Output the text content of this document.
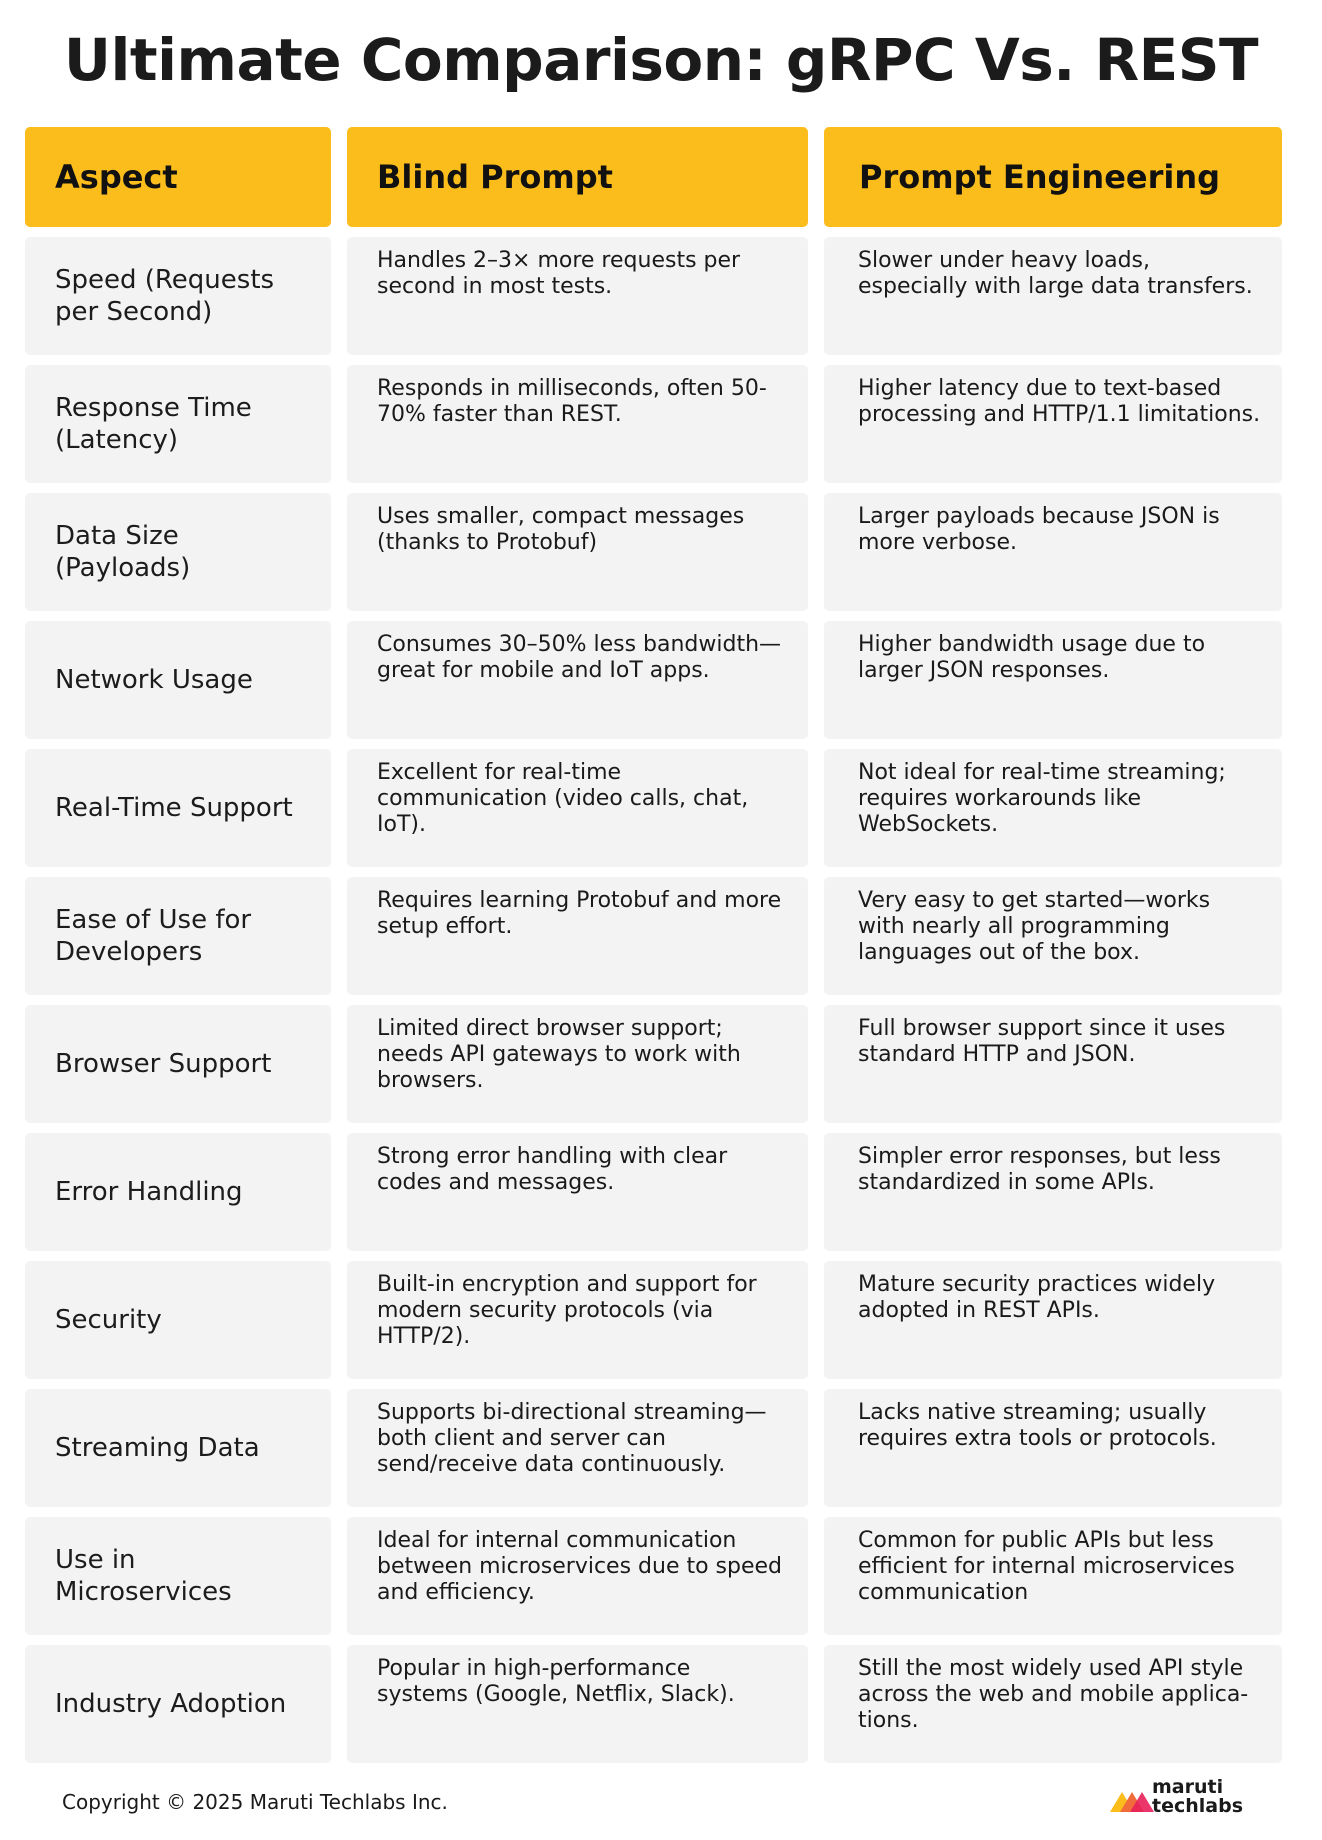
Ultimate Comparison: gRPC Vs. REST
Aspect	Blind Prompt	Prompt Engineering
Speed (Requests per Second)
Handles 2–3× more requests per second in most tests.
Slower under heavy loads, especially with large data transfers.
Response Time (Latency)
Responds in milliseconds, often 50-70% faster than REST.
Higher latency due to text-based processing and HTTP/1.1 limitations.
Data Size (Payloads)
Uses smaller, compact messages (thanks to Protobuf)
Larger payloads because JSON is more verbose.
Network Usage
Consumes 30–50% less bandwidth—great for mobile and IoT apps.
Higher bandwidth usage due to larger JSON responses.
Real-Time Support
Excellent for real-time communication (video calls, chat, IoT).
Not ideal for real-time streaming; requires workarounds like WebSockets.
Ease of Use for Developers
Requires learning Protobuf and more setup effort.
Very easy to get started—works with nearly all programming languages out of the box.
Browser Support
Limited direct browser support; needs API gateways to work with browsers.
Full browser support since it uses standard HTTP and JSON.
Error Handling
Strong error handling with clear codes and messages.
Simpler error responses, but less standardized in some APIs.
Security
Built-in encryption and support for modern security protocols (via HTTP/2).
Mature security practices widely adopted in REST APIs.
Streaming Data
Supports bi-directional streaming—both client and server can send/receive data continuously.
Lacks native streaming; usually requires extra tools or protocols.
Use in Microservices
Ideal for internal communication between microservices due to speed and efficiency.
Common for public APIs but less efficient for internal microservices communication
Industry Adoption
Popular in high-performance systems (Google, Netflix, Slack).
Still the most widely used API style across the web and mobile applica-tions.
Copyright © 2025 Maruti Techlabs Inc.
maruti
techlabs
